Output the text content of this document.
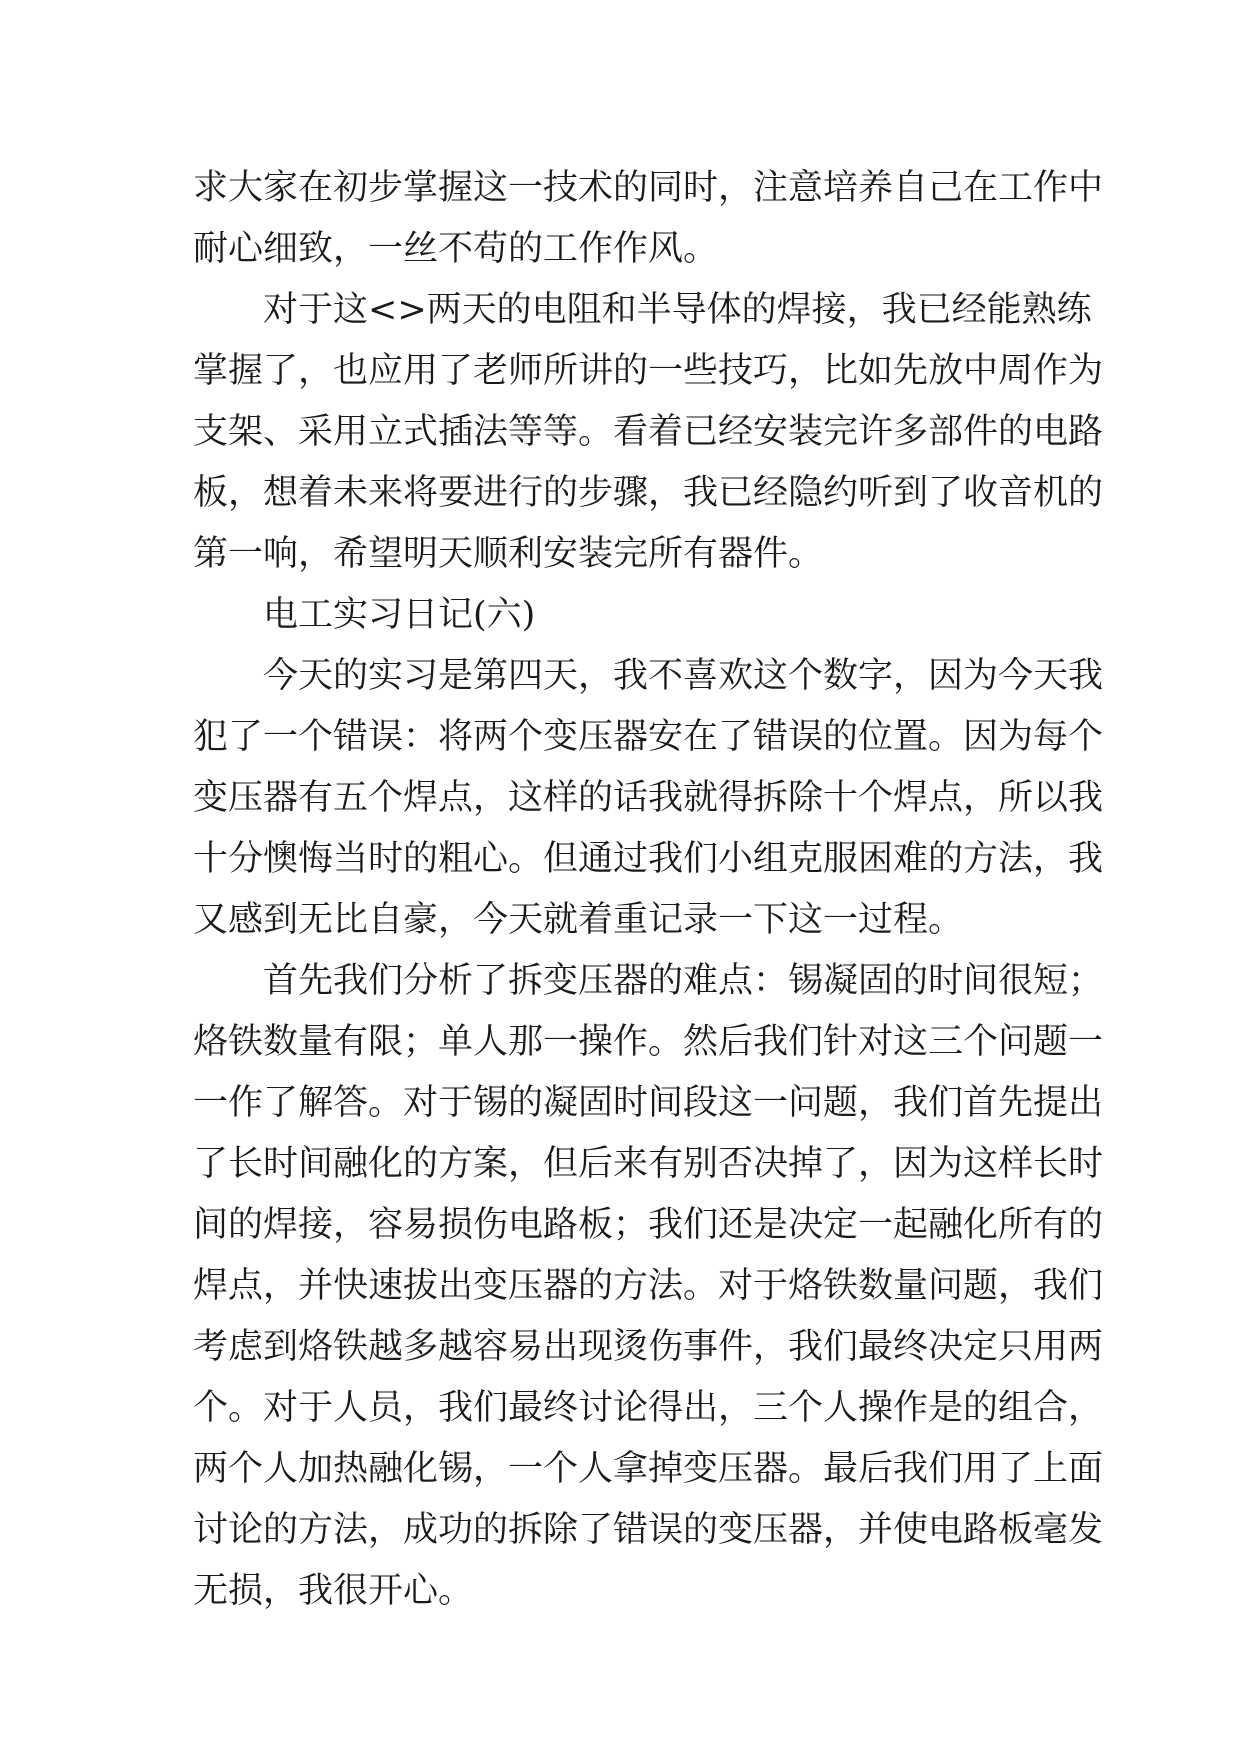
求大家在初步掌握这一技术的同时，注意培养自己在工作中
耐心细致，一丝不苟的工作作风。
对于这<>两天的电阻和半导体的焊接，我已经能熟练
掌握了，也应用了老师所讲的一些技巧，比如先放中周作为
支架、采用立式插法等等。看着已经安装完许多部件的电路
板，想着未来将要进行的步骤，我已经隐约听到了收音机的
第一响，希望明天顺利安装完所有器件。
电工实习日记(六)
今天的实习是第四天，我不喜欢这个数字，因为今天我
犯了一个错误：将两个变压器安在了错误的位置。因为每个
变压器有五个焊点，这样的话我就得拆除十个焊点，所以我
十分懊悔当时的粗心。但通过我们小组克服困难的方法，我
又感到无比自豪，今天就着重记录一下这一过程。
首先我们分析了拆变压器的难点：锡凝固的时间很短；
烙铁数量有限；单人那一操作。然后我们针对这三个问题一
一作了解答。对于锡的凝固时间段这一问题，我们首先提出
了长时间融化的方案，但后来有别否决掉了，因为这样长时
间的焊接，容易损伤电路板；我们还是决定一起融化所有的
焊点，并快速拔出变压器的方法。对于烙铁数量问题，我们
考虑到烙铁越多越容易出现烫伤事件，我们最终决定只用两
个。对于人员，我们最终讨论得出，三个人操作是的组合，
两个人加热融化锡，一个人拿掉变压器。最后我们用了上面
讨论的方法，成功的拆除了错误的变压器，并使电路板毫发
无损，我很开心。
